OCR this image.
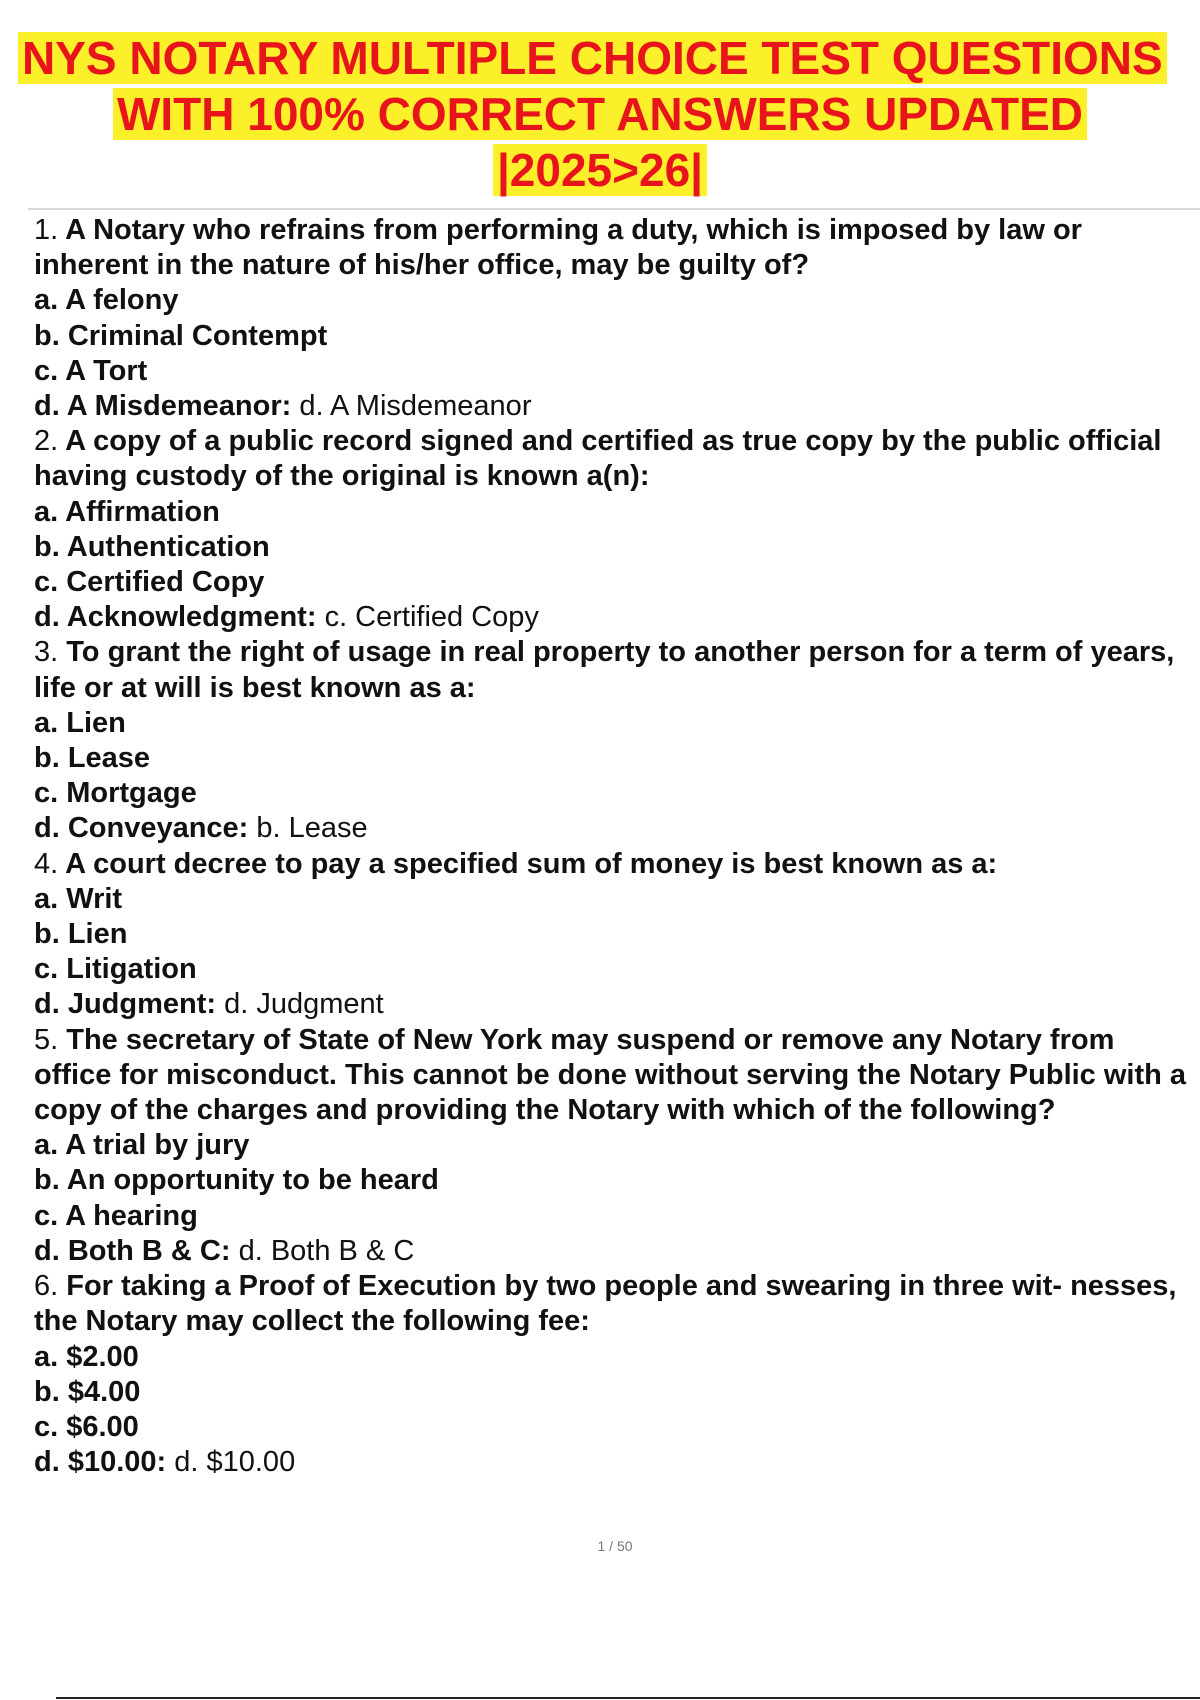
NYS NOTARY MULTIPLE CHOICE TEST QUESTIONS
WITH 100% CORRECT ANSWERS UPDATED
|2025>26|

1. A Notary who refrains from performing a duty, which is imposed by law or inherent in the nature of his/her office, may be guilty of?

a. A felony

b. Criminal Contempt

c. A Tort

d. A Misdemeanor: d. A Misdemeanor

2. A copy of a public record signed and certified as true copy by the public official having custody of the original is known a(n):

a. Affirmation

b. Authentication

c. Certified Copy

d. Acknowledgment: c. Certified Copy

3. To grant the right of usage in real property to another person for a term of years, life or at will is best known as a:

a. Lien

b. Lease

c. Mortgage

d. Conveyance: b. Lease

4. A court decree to pay a specified sum of money is best known as a:

a. Writ

b. Lien

c. Litigation

d. Judgment: d. Judgment

5. The secretary of State of New York may suspend or remove any Notary from office for misconduct. This cannot be done without serving the Notary Public with a copy of the charges and providing the Notary with which of the following?

a. A trial by jury

b. An opportunity to be heard

c. A hearing

d. Both B & C: d. Both B & C

6. For taking a Proof of Execution by two people and swearing in three wit- nesses, the Notary may collect the following fee:

a. $2.00

b. $4.00

c. $6.00

d. $10.00: d. $10.00

1 / 50
